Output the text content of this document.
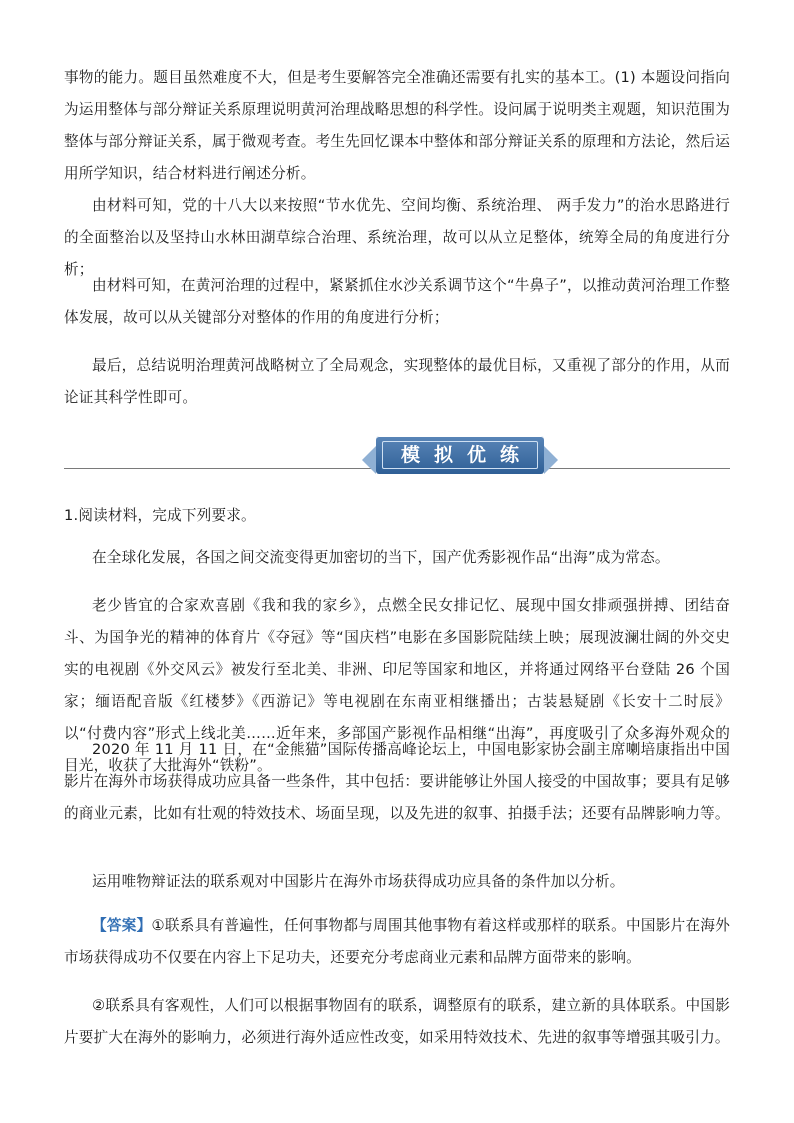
事物的能力。题目虽然难度不大，但是考生要解答完全准确还需要有扎实的基本工。(1) 本题设问指向为运用整体与部分辩证关系原理说明黄河治理战略思想的科学性。设问属于说明类主观题，知识范围为整体与部分辩证关系，属于微观考查。考生先回忆课本中整体和部分辩证关系的原理和方法论，然后运用所学知识，结合材料进行阐述分析。

由材料可知，党的十八大以来按照“节水优先、空间均衡、系统治理、 两手发力”的治水思路进行的全面整治以及坚持山水林田湖草综合治理、系统治理，故可以从立足整体，统筹全局的角度进行分析；

由材料可知，在黄河治理的过程中，紧紧抓住水沙关系调节这个“牛鼻子”，以推动黄河治理工作整体发展，故可以从关键部分对整体的作用的角度进行分析；

最后，总结说明治理黄河战略树立了全局观念，实现整体的最优目标，又重视了部分的作用，从而论证其科学性即可。

模拟优练

1.阅读材料，完成下列要求。

在全球化发展，各国之间交流变得更加密切的当下，国产优秀影视作品“出海”成为常态。

老少皆宜的合家欢喜剧《我和我的家乡》，点燃全民女排记忆、展现中国女排顽强拼搏、团结奋斗、为国争光的精神的体育片《夺冠》等“国庆档”电影在多国影院陆续上映；展现波澜壮阔的外交史实的电视剧《外交风云》被发行至北美、非洲、印尼等国家和地区，并将通过网络平台登陆 26 个国家；缅语配音版《红楼梦》《西游记》等电视剧在东南亚相继播出；古装悬疑剧《长安十二时辰》以“付费内容”形式上线北美……近年来，多部国产影视作品相继“出海”，再度吸引了众多海外观众的目光，收获了大批海外“铁粉”。

2020 年 11 月 11 日，在“金熊猫”国际传播高峰论坛上，中国电影家协会副主席喇培康指出中国影片在海外市场获得成功应具备一些条件，其中包括：要讲能够让外国人接受的中国故事；要具有足够的商业元素，比如有壮观的特效技术、场面呈现，以及先进的叙事、拍摄手法；还要有品牌影响力等。

运用唯物辩证法的联系观对中国影片在海外市场获得成功应具备的条件加以分析。

【答案】①联系具有普遍性，任何事物都与周围其他事物有着这样或那样的联系。中国影片在海外市场获得成功不仅要在内容上下足功夫，还要充分考虑商业元素和品牌方面带来的影响。

②联系具有客观性，人们可以根据事物固有的联系，调整原有的联系，建立新的具体联系。中国影片要扩大在海外的影响力，必须进行海外适应性改变，如采用特效技术、先进的叙事等增强其吸引力。
